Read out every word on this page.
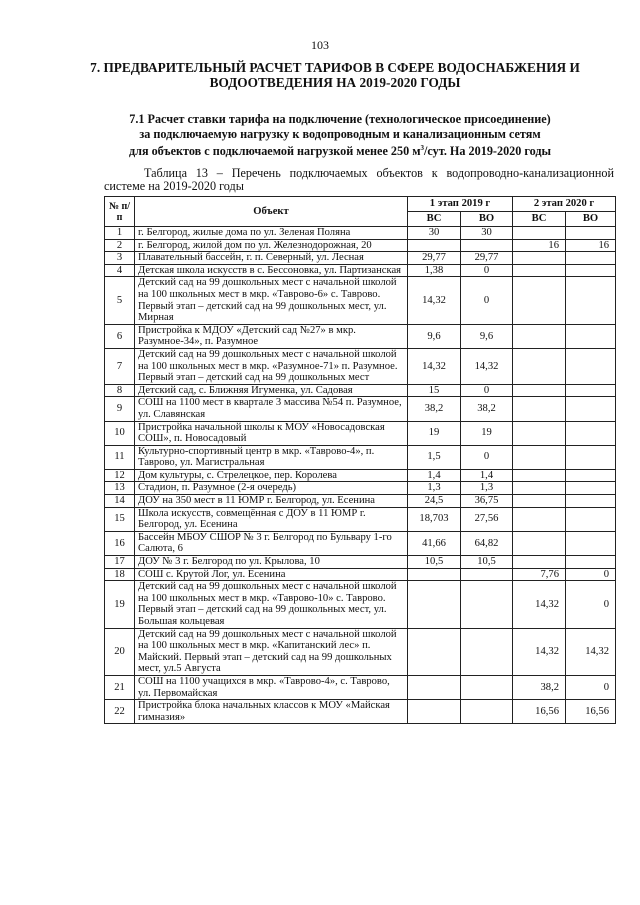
103
7. ПРЕДВАРИТЕЛЬНЫЙ РАСЧЕТ ТАРИФОВ В СФЕРЕ ВОДОСНАБЖЕНИЯ И ВОДООТВЕДЕНИЯ НА 2019-2020 ГОДЫ
7.1 Расчет ставки тарифа на подключение (технологическое присоединение)
за подключаемую нагрузку к водопроводным и канализационным сетям
для объектов с подключаемой нагрузкой менее 250 $м^3$/сут. На 2019-2020 годы
Таблица 13 – Перечень подключаемых объектов к водопроводно-канализационной системе на 2019-2020 годы
№ п/п	Объект	1 этап 2019 г		2 этап 2020 г	
		ВС	ВО	ВС	ВО
1	г. Белгород, жилые дома по ул. Зеленая Поляна	30	30		
2	г. Белгород, жилой дом по ул. Железнодорожная, 20			16	16
3	Плавательный бассейн, г. п. Северный, ул. Лесная	29,77	29,77		
4	Детская школа искусств в с. Бессоновка, ул. Партизанская	1,38	0		
5	Детский сад на 99 дошкольных мест с начальной школой на 100 школьных мест в мкр. «Таврово-6» с. Таврово. Первый этап – детский сад на 99 дошкольных мест, ул. Мирная	14,32	0		
6	Пристройка к МДОУ «Детский сад №27» в мкр. Разумное-34», п. Разумное	9,6	9,6		
7	Детский сад на 99 дошкольных мест с начальной школой на 100 школьных мест в мкр. «Разумное-71» п. Разумное. Первый этап – детский сад на 99 дошкольных мест	14,32	14,32		
8	Детский сад, с. Ближняя Игуменка, ул. Садовая	15	0		
9	СОШ на 1100 мест в квартале 3 массива №54 п. Разумное, ул. Славянская	38,2	38,2		
10	Пристройка начальной школы к МОУ «Новосадовская СОШ», п. Новосадовый	19	19		
11	Культурно-спортивный центр в мкр. «Таврово-4», п. Таврово, ул. Магистральная	1,5	0		
12	Дом культуры, с. Стрелецкое, пер. Королева	1,4	1,4		
13	Стадион, п. Разумное (2-я очередь)	1,3	1,3		
14	ДОУ на 350 мест в 11 ЮМР г. Белгород, ул. Есенина	24,5	36,75		
15	Школа искусств, совмещённая с ДОУ в 11 ЮМР г. Белгород, ул. Есенина	18,703	27,56		
16	Бассейн МБОУ СШОР № 3 г. Белгород по Бульвару 1-го Салюта, 6	41,66	64,82		
17	ДОУ № 3 г. Белгород по ул. Крылова, 10	10,5	10,5		
18	СОШ с. Крутой Лог, ул. Есенина			7,76	0
19	Детский сад на 99 дошкольных мест с начальной школой на 100 школьных мест в мкр. «Таврово-10» с. Таврово. Первый этап – детский сад на 99 дошкольных мест, ул. Большая кольцевая			14,32	0
20	Детский сад на 99 дошкольных мест с начальной школой на 100 школьных мест в мкр. «Капитанский лес» п. Майский. Первый этап – детский сад на 99 дошкольных мест, ул.5 Августа			14,32	14,32
21	СОШ на 1100 учащихся в мкр. «Таврово-4», с. Таврово, ул. Первомайская			38,2	0
22	Пристройка блока начальных классов к МОУ «Майская гимназия»			16,56	16,56
